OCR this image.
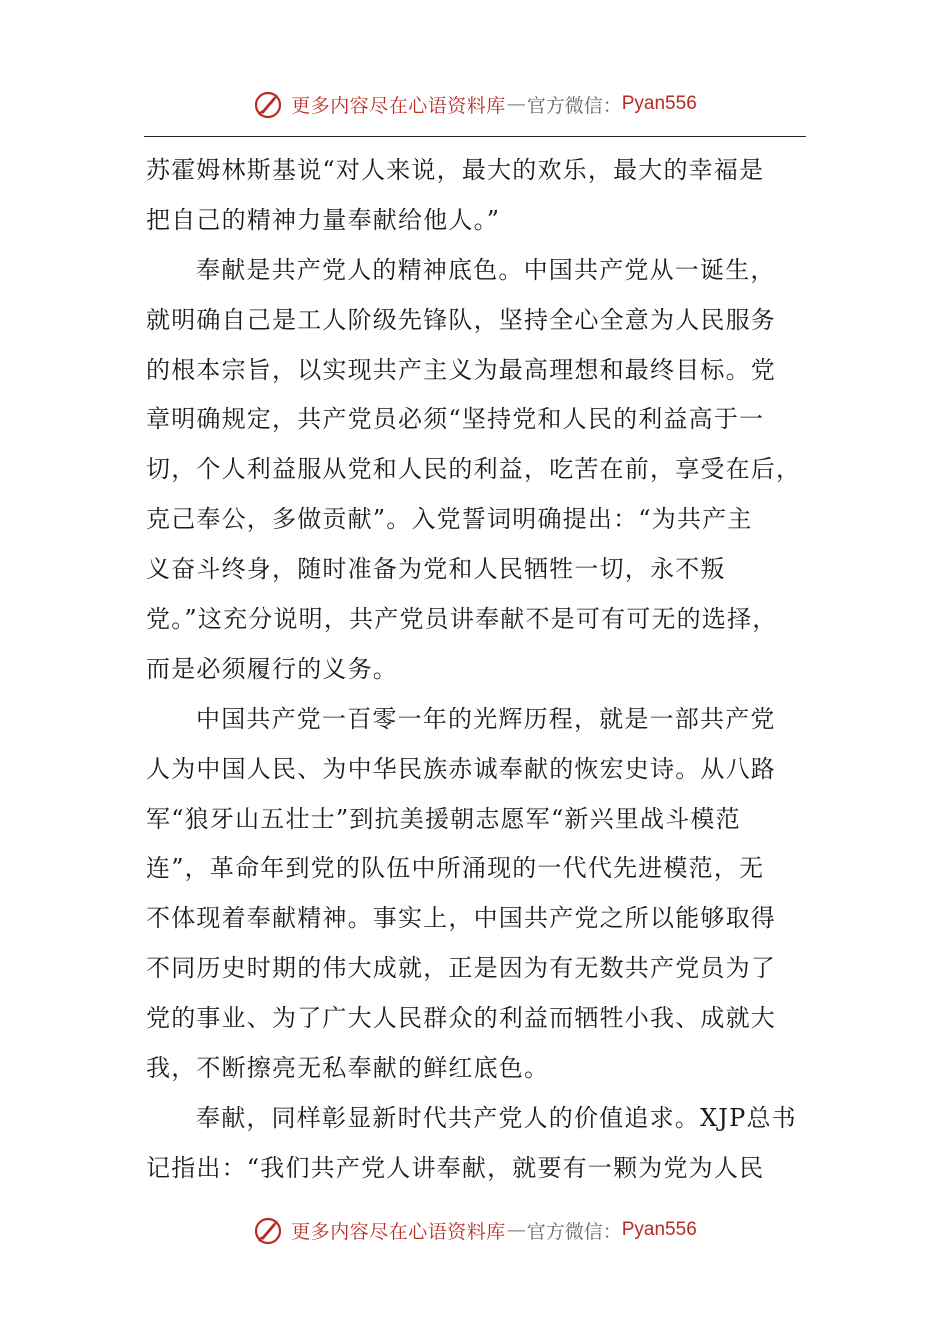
更多内容尽在心语资料库 — 官方微信： Pyan556
苏霍姆林斯基说“对人来说，最大的欢乐，最大的幸福是
把自己的精神力量奉献给他人。”
奉献是共产党人的精神底色。中国共产党从一诞生，
就明确自己是工人阶级先锋队，坚持全心全意为人民服务
的根本宗旨，以实现共产主义为最高理想和最终目标。党
章明确规定，共产党员必须“坚持党和人民的利益高于一
切，个人利益服从党和人民的利益，吃苦在前，享受在后，
克己奉公，多做贡献”。入党誓词明确提出：“为共产主
义奋斗终身，随时准备为党和人民牺牲一切，永不叛
党。”这充分说明，共产党员讲奉献不是可有可无的选择，
而是必须履行的义务。
中国共产党一百零一年的光辉历程，就是一部共产党
人为中国人民、为中华民族赤诚奉献的恢宏史诗。从八路
军“狼牙山五壮士”到抗美援朝志愿军“新兴里战斗模范
连”，革命年到党的队伍中所涌现的一代代先进模范，无
不体现着奉献精神。事实上，中国共产党之所以能够取得
不同历史时期的伟大成就，正是因为有无数共产党员为了
党的事业、为了广大人民群众的利益而牺牲小我、成就大
我，不断擦亮无私奉献的鲜红底色。
奉献，同样彰显新时代共产党人的价值追求。XJP总书
记指出：“我们共产党人讲奉献，就要有一颗为党为人民
更多内容尽在心语资料库 — 官方微信： Pyan556
